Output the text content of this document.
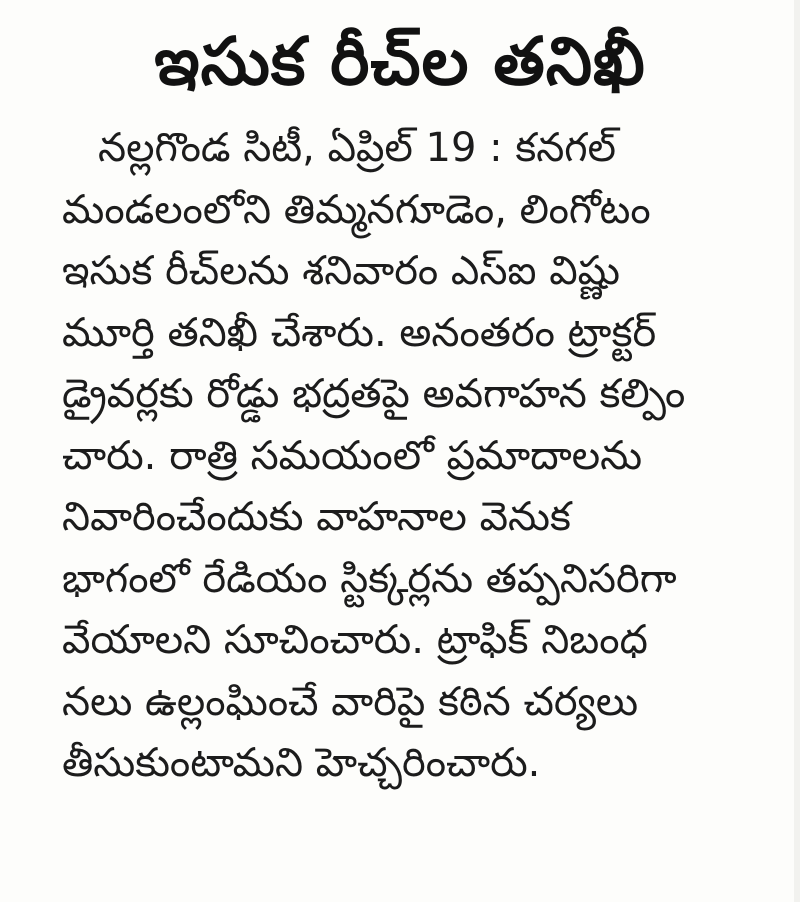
ఇసుక రీచ్‌ల తనిఖీ
నల్లగొండ సిటీ, ఏప్రిల్ 19 : కనగల్
మండలంలోని తిమ్మనగూడెం, లింగోటం
ఇసుక రీచ్‌లను శనివారం ఎస్‌ఐ విష్ణు
మూర్తి తనిఖీ చేశారు. అనంతరం ట్రాక్టర్
డ్రైవర్లకు రోడ్డు భద్రతపై అవగాహన కల్పిం
చారు. రాత్రి సమయంలో ప్రమాదాలను
నివారించేందుకు వాహనాల వెనుక
భాగంలో రేడియం స్టిక్కర్లను తప్పనిసరిగా
వేయాలని సూచించారు. ట్రాఫిక్ నిబంధ
నలు ఉల్లంఘించే వారిపై కఠిన చర్యలు
తీసుకుంటామని హెచ్చరించారు.
